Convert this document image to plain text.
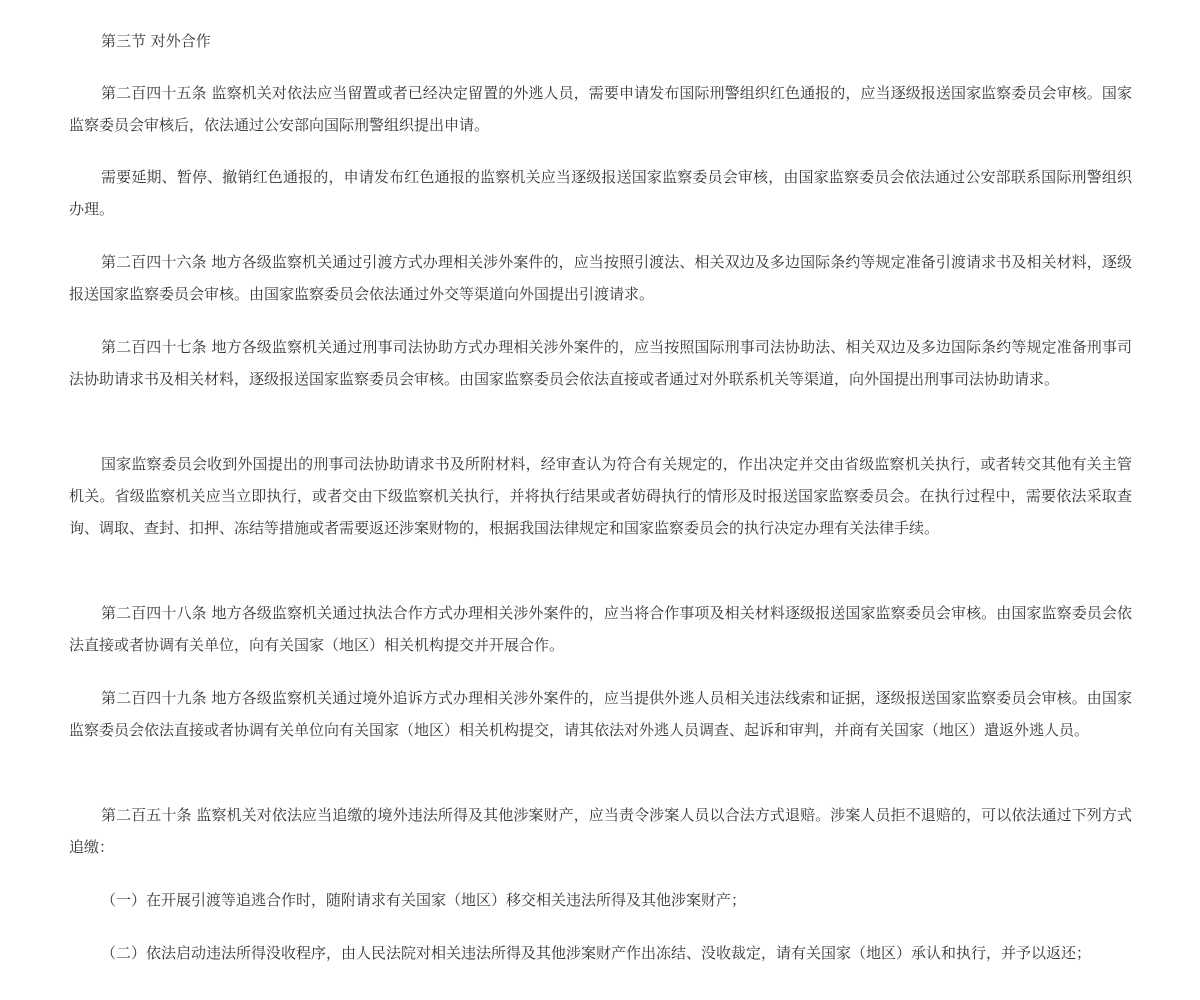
第三节 对外合作

第二百四十五条 监察机关对依法应当留置或者已经决定留置的外逃人员，需要申请发布国际刑警组织红色通报的，应当逐级报送国家监察委员会审核。国家监察委员会审核后，依法通过公安部向国际刑警组织提出申请。

需要延期、暂停、撤销红色通报的，申请发布红色通报的监察机关应当逐级报送国家监察委员会审核，由国家监察委员会依法通过公安部联系国际刑警组织办理。

第二百四十六条 地方各级监察机关通过引渡方式办理相关涉外案件的，应当按照引渡法、相关双边及多边国际条约等规定准备引渡请求书及相关材料，逐级报送国家监察委员会审核。由国家监察委员会依法通过外交等渠道向外国提出引渡请求。

第二百四十七条 地方各级监察机关通过刑事司法协助方式办理相关涉外案件的，应当按照国际刑事司法协助法、相关双边及多边国际条约等规定准备刑事司法协助请求书及相关材料，逐级报送国家监察委员会审核。由国家监察委员会依法直接或者通过对外联系机关等渠道，向外国提出刑事司法协助请求。

国家监察委员会收到外国提出的刑事司法协助请求书及所附材料，经审查认为符合有关规定的，作出决定并交由省级监察机关执行，或者转交其他有关主管机关。省级监察机关应当立即执行，或者交由下级监察机关执行，并将执行结果或者妨碍执行的情形及时报送国家监察委员会。在执行过程中，需要依法采取查询、调取、查封、扣押、冻结等措施或者需要返还涉案财物的，根据我国法律规定和国家监察委员会的执行决定办理有关法律手续。

第二百四十八条 地方各级监察机关通过执法合作方式办理相关涉外案件的，应当将合作事项及相关材料逐级报送国家监察委员会审核。由国家监察委员会依法直接或者协调有关单位，向有关国家（地区）相关机构提交并开展合作。

第二百四十九条 地方各级监察机关通过境外追诉方式办理相关涉外案件的，应当提供外逃人员相关违法线索和证据，逐级报送国家监察委员会审核。由国家监察委员会依法直接或者协调有关单位向有关国家（地区）相关机构提交，请其依法对外逃人员调查、起诉和审判，并商有关国家（地区）遣返外逃人员。

第二百五十条 监察机关对依法应当追缴的境外违法所得及其他涉案财产，应当责令涉案人员以合法方式退赔。涉案人员拒不退赔的，可以依法通过下列方式追缴：

（一）在开展引渡等追逃合作时，随附请求有关国家（地区）移交相关违法所得及其他涉案财产；

（二）依法启动违法所得没收程序，由人民法院对相关违法所得及其他涉案财产作出冻结、没收裁定，请有关国家（地区）承认和执行，并予以返还；
